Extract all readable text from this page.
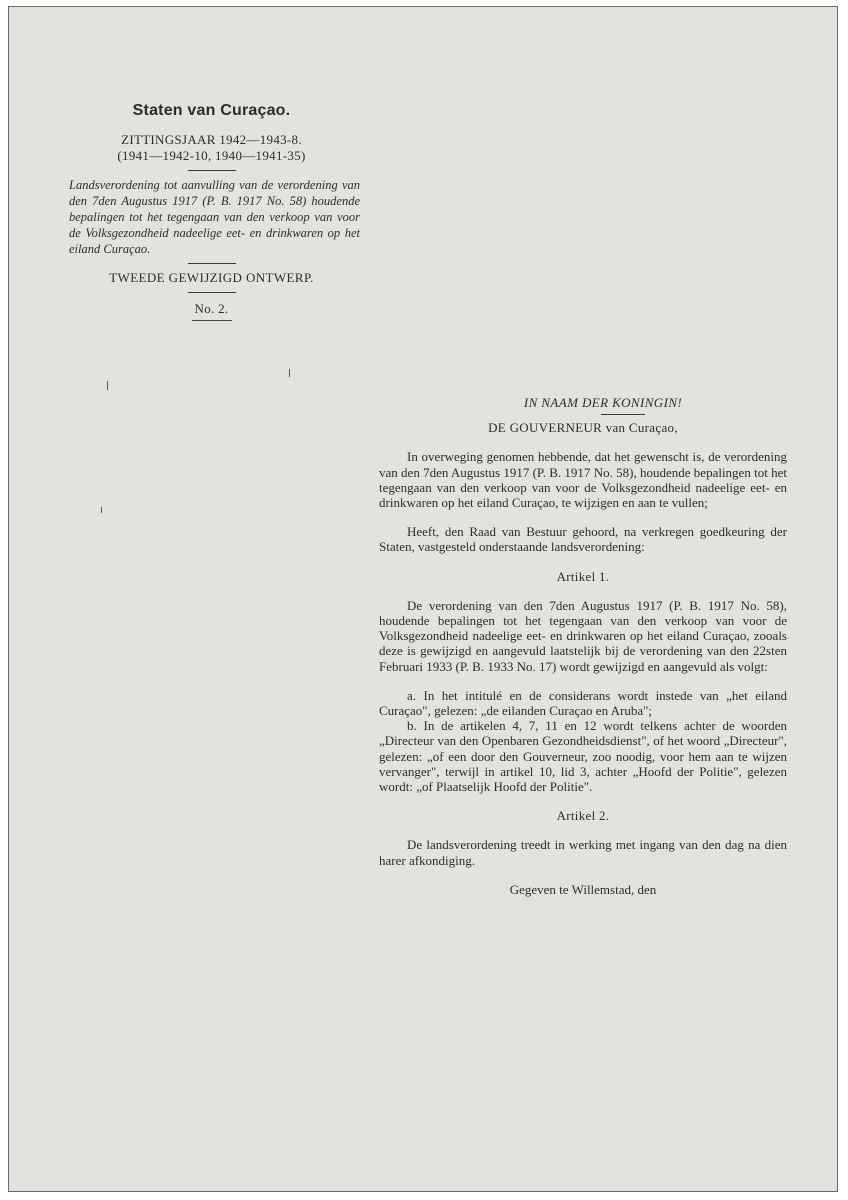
Staten van Curaçao.
ZITTINGSJAAR 1942—1943-8.
(1941—1942-10, 1940—1941-35)
Landsverordening tot aanvulling van de verordening van den 7den Augustus 1917 (P. B. 1917 No. 58) houdende bepalingen tot het tegengaan van den verkoop van voor de Volksgezondheid nadeelige eet- en drinkwaren op het eiland Curaçao.
TWEEDE GEWIJZIGD ONTWERP.
No. 2.
IN NAAM DER KONINGIN!
DE GOUVERNEUR van Curaçao,

In overweging genomen hebbende, dat het gewenscht is, de verordening van den 7den Augustus 1917 (P. B. 1917 No. 58), houdende bepalingen tot het tegengaan van den verkoop van voor de Volksgezondheid nadeelige eet- en drinkwaren op het eiland Curaçao, te wijzigen en aan te vullen;

Heeft, den Raad van Bestuur gehoord, na verkregen goedkeuring der Staten, vastgesteld onderstaande landsverordening:

Artikel 1.

De verordening van den 7den Augustus 1917 (P. B. 1917 No. 58), houdende bepalingen tot het tegengaan van den verkoop van voor de Volksgezondheid nadeelige eet- en drinkwaren op het eiland Curaçao, zooals deze is gewijzigd en aangevuld laatstelijk bij de verordening van den 22sten Februari 1933 (P. B. 1933 No. 17) wordt gewijzigd en aangevuld als volgt:

a. In het intitulé en de considerans wordt instede van „het eiland Curaçao", gelezen: „de eilanden Curaçao en Aruba";

b. In de artikelen 4, 7, 11 en 12 wordt telkens achter de woorden „Directeur van den Openbaren Gezondheidsdienst", of het woord „Directeur", gelezen: „of een door den Gouverneur, zoo noodig, voor hem aan te wijzen vervanger", terwijl in artikel 10, lid 3, achter „Hoofd der Politie", gelezen wordt: „of Plaatselijk Hoofd der Politie".

Artikel 2.

De landsverordening treedt in werking met ingang van den dag na dien harer afkondiging.

Gegeven te Willemstad, den
